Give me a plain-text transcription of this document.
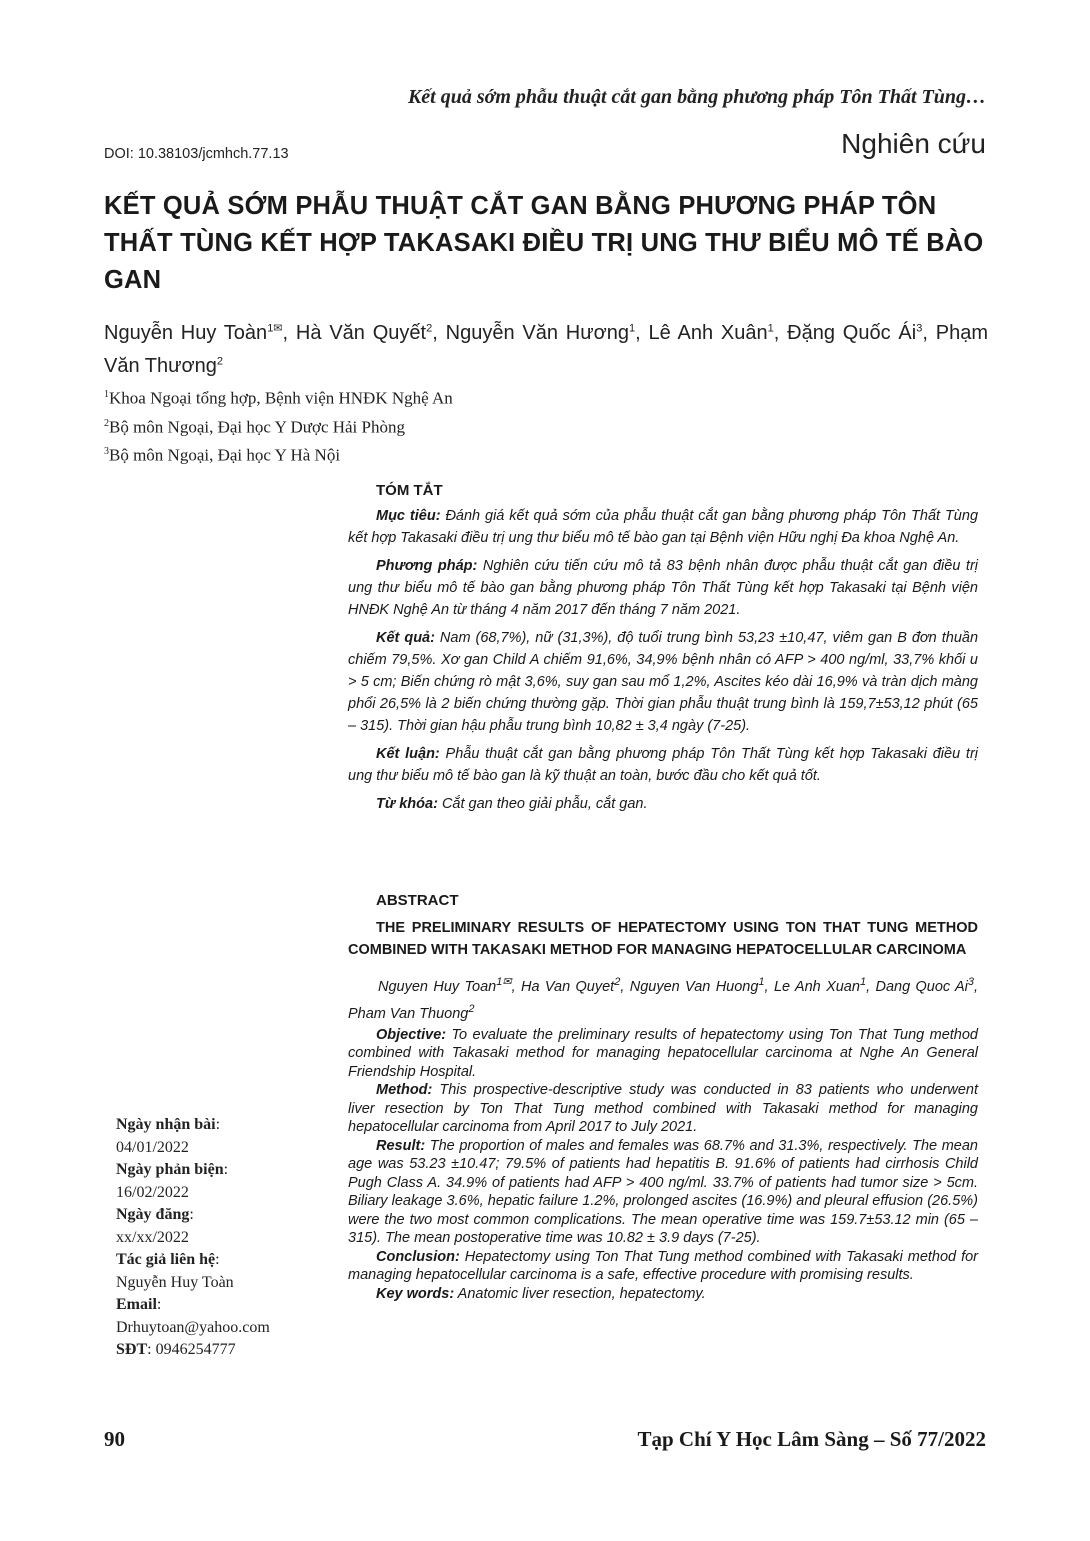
Kết quả sớm phẫu thuật cắt gan bằng phương pháp Tôn Thất Tùng…
DOI: 10.38103/jcmhch.77.13	Nghiên cứu
KẾT QUẢ SỚM PHẪU THUẬT CẮT GAN BẰNG PHƯƠNG PHÁP TÔN THẤT TÙNG KẾT HỢP TAKASAKI ĐIỀU TRỊ UNG THƯ BIỂU MÔ TẾ BÀO GAN

Nguyễn Huy Toàn$^{1✉}$, Hà Văn Quyết$^2$, Nguyễn Văn Hương$^1$, Lê Anh Xuân$^1$, Đặng Quốc $Ái^3$, Phạm Văn Thương$^2$

$^1$Khoa Ngoại tổng hợp, Bệnh viện HNĐK Nghệ An
$^2$Bộ môn Ngoại, Đại học Y Dược Hải Phòng
$^3$Bộ môn Ngoại, Đại học Y Hà Nội
TÓM TẮT

Mục tiêu: Đánh giá kết quả sớm của phẫu thuật cắt gan bằng phương pháp Tôn Thất Tùng kết hợp Takasaki điều trị ung thư biểu mô tế bào gan tại Bệnh viện Hữu nghị Đa khoa Nghệ An.

Phương pháp: Nghiên cứu tiến cứu mô tả 83 bệnh nhân được phẫu thuật cắt gan điều trị ung thư biểu mô tế bào gan bằng phương pháp Tôn Thất Tùng kết hợp Takasaki tại Bệnh viện HNĐK Nghệ An từ tháng 4 năm 2017 đến tháng 7 năm 2021.

Kết quả: Nam (68,7%), nữ (31,3%), độ tuổi trung bình 53,23 ±10,47, viêm gan B đơn thuần chiếm 79,5%. Xơ gan Child A chiếm 91,6%, 34,9% bệnh nhân có AFP > 400 ng/ml, 33,7% khối u > 5 cm; Biến chứng rò mật 3,6%, suy gan sau mổ 1,2%, Ascites kéo dài 16,9% và tràn dịch màng phổi 26,5% là 2 biến chứng thường gặp. Thời gian phẫu thuật trung bình là 159,7±53,12 phút (65 – 315). Thời gian hậu phẫu trung bình 10,82 ± 3,4 ngày (7-25).

Kết luận: Phẫu thuật cắt gan bằng phương pháp Tôn Thất Tùng kết hợp Takasaki điều trị ung thư biểu mô tế bào gan là kỹ thuật an toàn, bước đầu cho kết quả tốt.

Từ khóa: Cắt gan theo giải phẫu, cắt gan.

ABSTRACT
THE PRELIMINARY RESULTS OF HEPATECTOMY USING TON THAT TUNG METHOD COMBINED WITH TAKASAKI METHOD FOR MANAGING HEPATOCELLULAR CARCINOMA

Nguyen Huy Toan$^{1✉}$, Ha Van Quyet$^2$, Nguyen Van Huong$^1$, Le Anh Xuan$^1$, Dang Quoc Ai$^3$, Pham Van Thuong$^2$

Objective: To evaluate the preliminary results of hepatectomy using Ton That Tung method combined with Takasaki method for managing hepatocellular carcinoma at Nghe An General Friendship Hospital.

Method: This prospective-descriptive study was conducted in 83 patients who underwent liver resection by Ton That Tung method combined with Takasaki method for managing hepatocellular carcinoma from April 2017 to July 2021.

Result: The proportion of males and females was 68.7% and 31.3%, respectively. The mean age was 53.23 ±10.47; 79.5% of patients had hepatitis B. 91.6% of patients had cirrhosis Child Pugh Class A. 34.9% of patients had AFP > 400 ng/ml. 33.7% of patients had tumor size > 5cm. Biliary leakage 3.6%, hepatic failure 1.2%, prolonged ascites (16.9%) and pleural effusion (26.5%) were the two most common complications. The mean operative time was 159.7±53.12 min (65 – 315). The mean postoperative time was 10.82 ± 3.9 days (7-25).

Conclusion: Hepatectomy using Ton That Tung method combined with Takasaki method for managing hepatocellular carcinoma is a safe, effective procedure with promising results.

Key words: Anatomic liver resection, hepatectomy.

Ngày nhận bài:
04/01/2022
Ngày phản biện:
16/02/2022
Ngày đăng:
xx/xx/2022
Tác giả liên hệ:
Nguyễn Huy Toàn
Email:
Drhuytoan@yahoo.com
SĐT: 0946254777
90	Tạp Chí Y Học Lâm Sàng – Số 77/2022
